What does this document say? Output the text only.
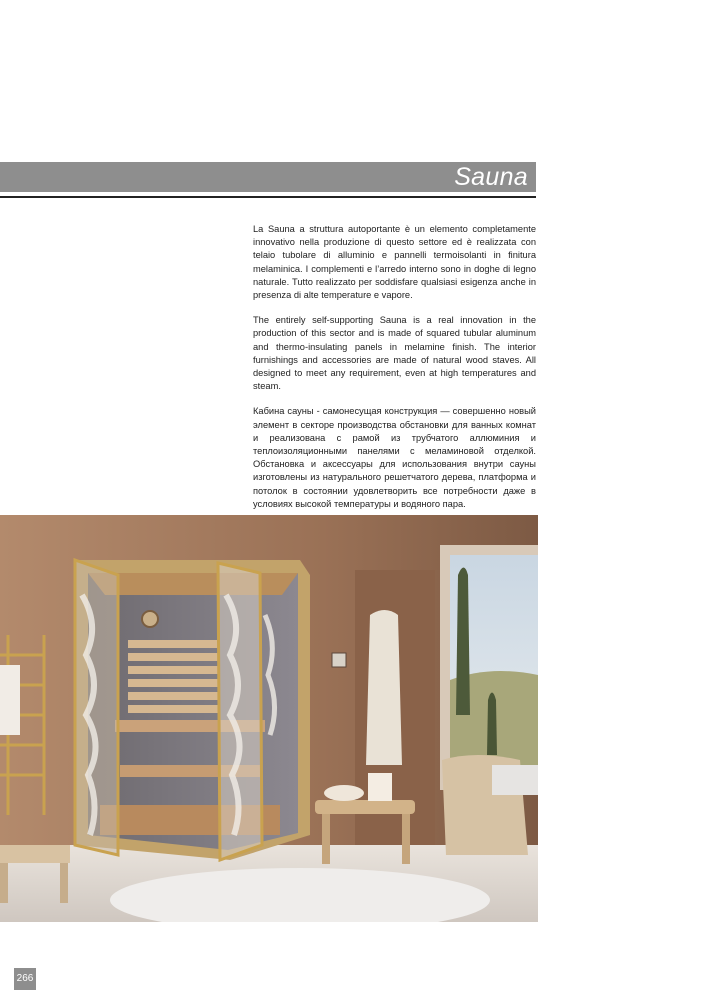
Sauna

La Sauna a struttura autoportante è un elemento completamente innovativo nella produzione di questo settore ed è realizzata con telaio tubolare di alluminio e pannelli termoisolanti in finitura melaminica. I complementi e l’arredo interno sono in doghe di legno naturale. Tutto realizzato per soddisfare qualsiasi esigenza anche in presenza di alte temperature e vapore.

The entirely self-supporting Sauna is a real innovation in the production of this sector and is made of squared tubular aluminum and thermo-insulating panels in melamine finish. The interior furnishings and accessories are made of natural wood staves. All designed to meet any requirement, even at high temperatures and steam.

Кабина сауны - самонесущая конструкция — совершенно новый элемент в секторе производства обстановки для ванных комнат и реализована с рамой из трубчатого аллюминия и теплоизоляционными панелями с меламиновой отделкой. Обстановка и аксессуары для использования внутри сауны изготовлены из натурального решетчатого дерева, платформа и потолок в состоянии удовлетворить все потребности даже в условиях высокой температуры и водяного пара.

266
